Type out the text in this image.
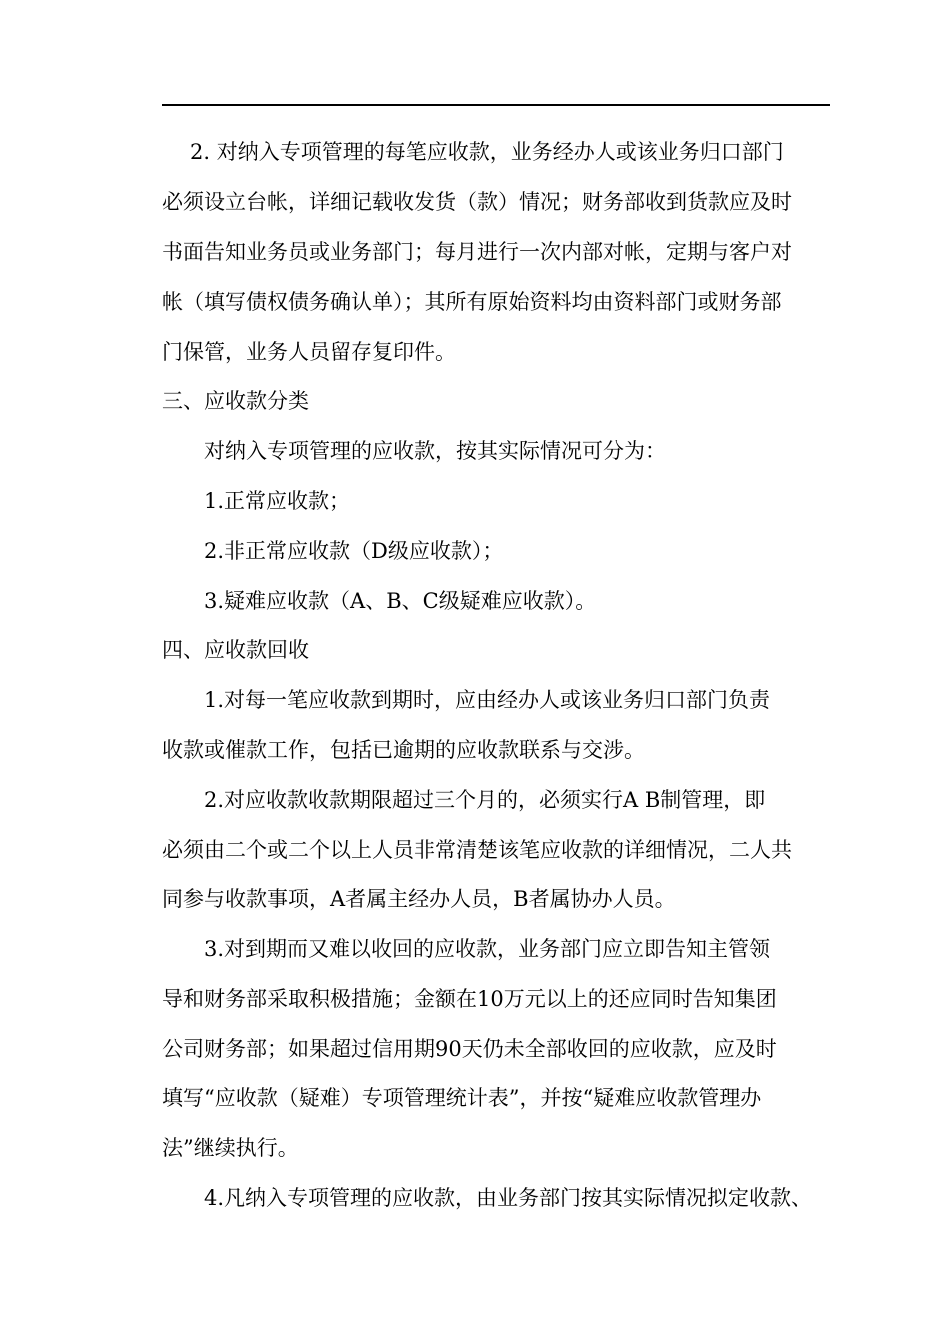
2. 对纳入专项管理的每笔应收款，业务经办人或该业务归口部门
必须设立台帐，详细记载收发货（款）情况；财务部收到货款应及时
书面告知业务员或业务部门；每月进行一次内部对帐，定期与客户对
帐（填写债权债务确认单）；其所有原始资料均由资料部门或财务部
门保管，业务人员留存复印件。
三、应收款分类
对纳入专项管理的应收款，按其实际情况可分为：
1.正常应收款；
2.非正常应收款（D级应收款）；
3.疑难应收款（A、B、C级疑难应收款）。
四、应收款回收
1.对每一笔应收款到期时，应由经办人或该业务归口部门负责
收款或催款工作，包括已逾期的应收款联系与交涉。
2.对应收款收款期限超过三个月的，必须实行A B制管理，即
必须由二个或二个以上人员非常清楚该笔应收款的详细情况，二人共
同参与收款事项，A者属主经办人员，B者属协办人员。
3.对到期而又难以收回的应收款，业务部门应立即告知主管领
导和财务部采取积极措施；金额在10万元以上的还应同时告知集团
公司财务部；如果超过信用期90天仍未全部收回的应收款，应及时
填写“应收款（疑难）专项管理统计表”，并按“疑难应收款管理办
法”继续执行。
4.凡纳入专项管理的应收款，由业务部门按其实际情况拟定收款、
